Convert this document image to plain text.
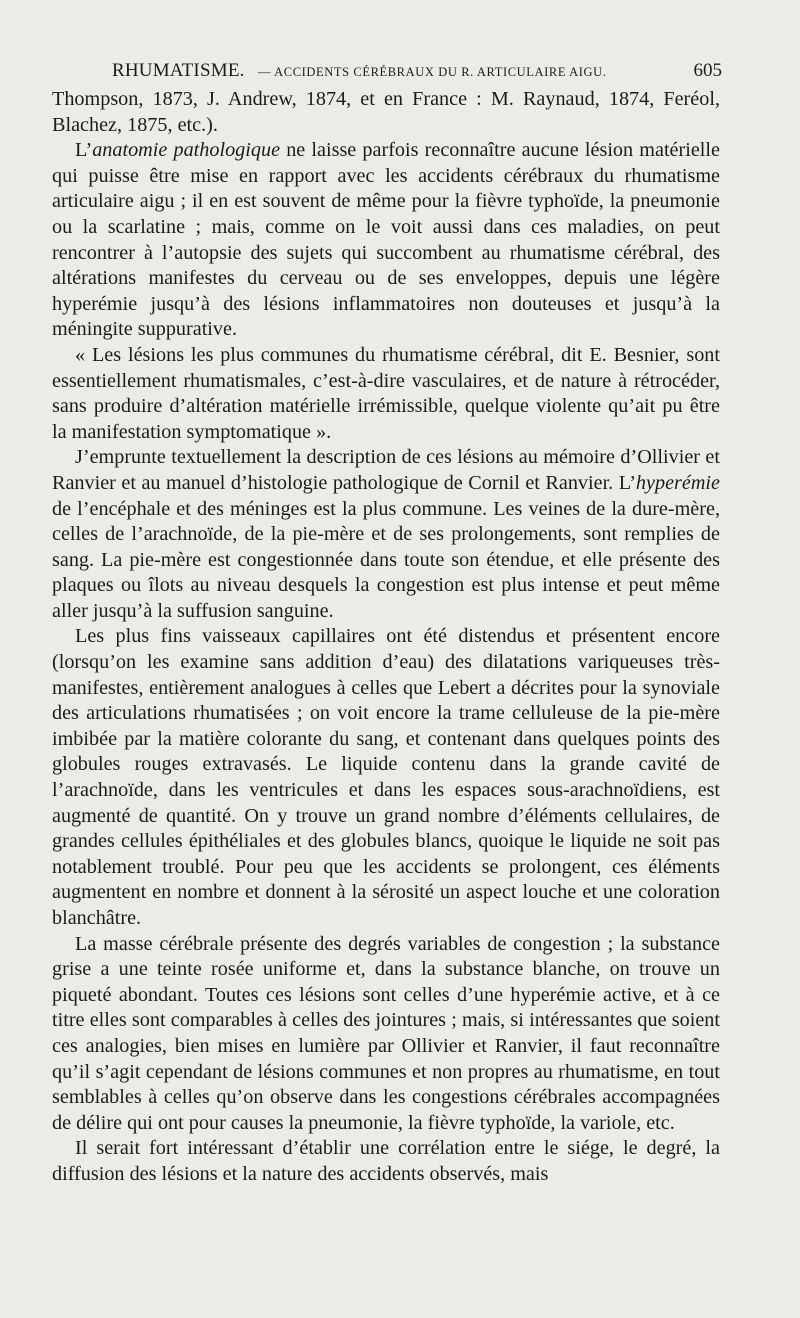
RHUMATISME. — ACCIDENTS CÉRÉBRAUX DU R. ARTICULAIRE AIGU.	605

Thompson, 1873, J. Andrew, 1874, et en France : M. Raynaud, 1874, Feréol, Blachez, 1875, etc.).

L’anatomie pathologique ne laisse parfois reconnaître aucune lésion matérielle qui puisse être mise en rapport avec les accidents cérébraux du rhumatisme articulaire aigu ; il en est souvent de même pour la fièvre typhoïde, la pneumonie ou la scarlatine ; mais, comme on le voit aussi dans ces maladies, on peut rencontrer à l’autopsie des sujets qui succombent au rhumatisme cérébral, des altérations manifestes du cerveau ou de ses enveloppes, depuis une légère hyperémie jusqu’à des lésions inflammatoires non douteuses et jusqu’à la méningite suppurative.

« Les lésions les plus communes du rhumatisme cérébral, dit E. Besnier, sont essentiellement rhumatismales, c’est-à-dire vasculaires, et de nature à rétrocéder, sans produire d’altération matérielle irrémissible, quelque violente qu’ait pu être la manifestation symptomatique ».

J’emprunte textuellement la description de ces lésions au mémoire d’Ollivier et Ranvier et au manuel d’histologie pathologique de Cornil et Ranvier. L’hyperémie de l’encéphale et des méninges est la plus commune. Les veines de la dure-mère, celles de l’arachnoïde, de la pie-mère et de ses prolongements, sont remplies de sang. La pie-mère est congestionnée dans toute son étendue, et elle présente des plaques ou îlots au niveau desquels la congestion est plus intense et peut même aller jusqu’à la suffusion sanguine.

Les plus fins vaisseaux capillaires ont été distendus et présentent encore (lorsqu’on les examine sans addition d’eau) des dilatations variqueuses très-manifestes, entièrement analogues à celles que Lebert a décrites pour la synoviale des articulations rhumatisées ; on voit encore la trame celluleuse de la pie-mère imbibée par la matière colorante du sang, et contenant dans quelques points des globules rouges extravasés. Le liquide contenu dans la grande cavité de l’arachnoïde, dans les ventricules et dans les espaces sous-arachnoïdiens, est augmenté de quantité. On y trouve un grand nombre d’éléments cellulaires, de grandes cellules épithéliales et des globules blancs, quoique le liquide ne soit pas notablement troublé. Pour peu que les accidents se prolongent, ces éléments augmentent en nombre et donnent à la sérosité un aspect louche et une coloration blanchâtre.

La masse cérébrale présente des degrés variables de congestion ; la substance grise a une teinte rosée uniforme et, dans la substance blanche, on trouve un piqueté abondant. Toutes ces lésions sont celles d’une hyperémie active, et à ce titre elles sont comparables à celles des jointures ; mais, si intéressantes que soient ces analogies, bien mises en lumière par Ollivier et Ranvier, il faut reconnaître qu’il s’agit cependant de lésions communes et non propres au rhumatisme, en tout semblables à celles qu’on observe dans les congestions cérébrales accompagnées de délire qui ont pour causes la pneumonie, la fièvre typhoïde, la variole, etc.

Il serait fort intéressant d’établir une corrélation entre le siége, le degré, la diffusion des lésions et la nature des accidents observés, mais
